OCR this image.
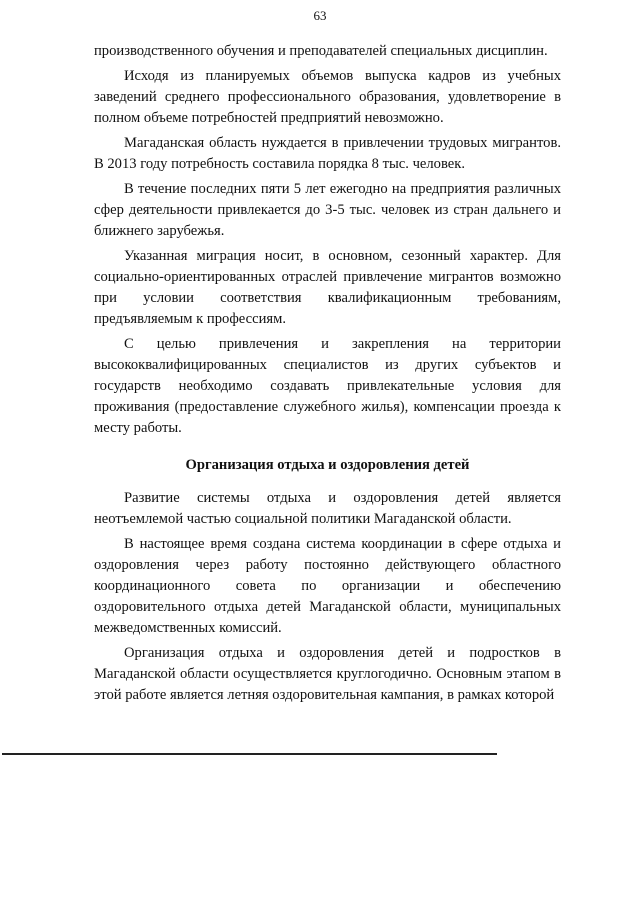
63

производственного обучения и преподавателей специальных дисциплин.

Исходя из планируемых объемов выпуска кадров из учебных заведений среднего профессионального образования, удовлетворение в полном объеме потребностей предприятий невозможно.

Магаданская область нуждается в привлечении трудовых мигрантов. В 2013 году потребность составила порядка 8 тыс. человек.

В течение последних пяти 5 лет ежегодно на предприятия различных сфер деятельности привлекается до 3-5 тыс. человек из стран дальнего и ближнего зарубежья.

Указанная миграция носит, в основном, сезонный характер. Для социально-ориентированных отраслей привлечение мигрантов возможно при условии соответствия квалификационным требованиям, предъявляемым к профессиям.

С целью привлечения и закрепления на территории высококвалифицированных специалистов из других субъектов и государств необходимо создавать привлекательные условия для проживания (предоставление служебного жилья), компенсации проезда к месту работы.

Организация отдыха и оздоровления детей

Развитие системы отдыха и оздоровления детей является неотъемлемой частью социальной политики Магаданской области.

В настоящее время создана система координации в сфере отдыха и оздоровления через работу постоянно действующего областного координационного совета по организации и обеспечению оздоровительного отдыха детей Магаданской области, муниципальных межведомственных комиссий.

Организация отдыха и оздоровления детей и подростков в Магаданской области осуществляется круглогодично. Основным этапом в этой работе является летняя оздоровительная кампания, в рамках которой
